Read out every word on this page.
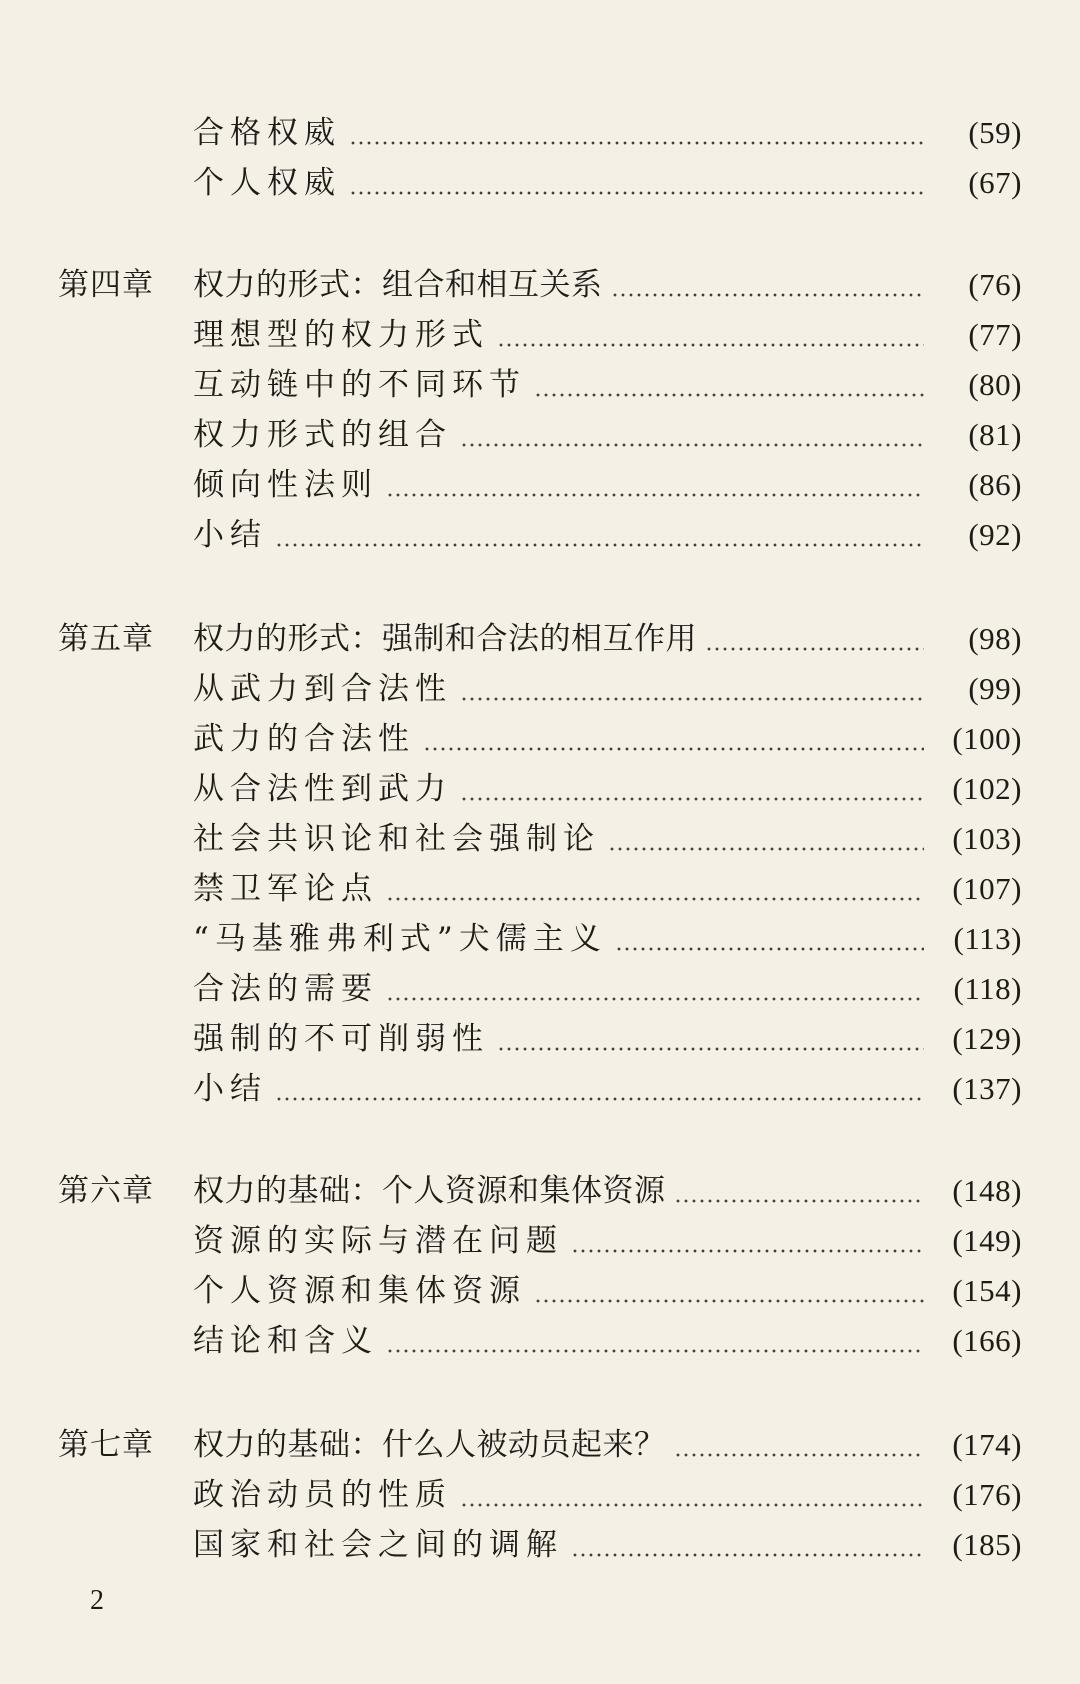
合格权威	(59)
个人权威	(67)
第四章 权力的形式：组合和相互关系	(76)
理想型的权力形式	(77)
互动链中的不同环节	(80)
权力形式的组合	(81)
倾向性法则	(86)
小结	(92)
第五章 权力的形式：强制和合法的相互作用	(98)
从武力到合法性	(99)
武力的合法性	(100)
从合法性到武力	(102)
社会共识论和社会强制论	(103)
禁卫军论点	(107)
“马基雅弗利式”犬儒主义	(113)
合法的需要	(118)
强制的不可削弱性	(129)
小结	(137)
第六章 权力的基础：个人资源和集体资源	(148)
资源的实际与潜在问题	(149)
个人资源和集体资源	(154)
结论和含义	(166)
第七章 权力的基础：什么人被动员起来？	(174)
政治动员的性质	(176)
国家和社会之间的调解	(185)
2
